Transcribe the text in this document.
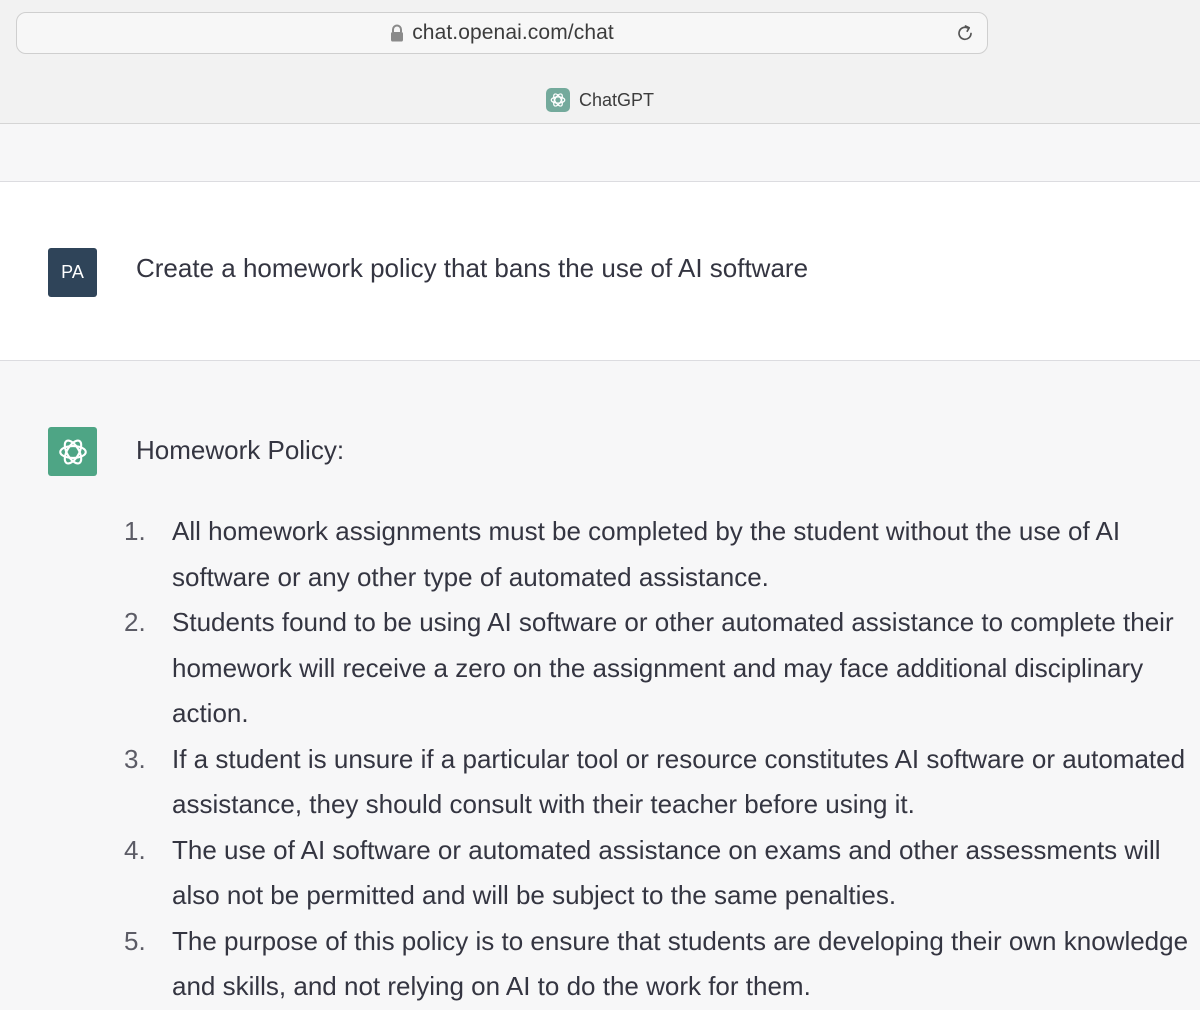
chat.openai.com/chat
ChatGPT
PA Create a homework policy that bans the use of AI software
Homework Policy:
1.	All homework assignments must be completed by the student without the use of AI software or any other type of automated assistance.
2.	Students found to be using AI software or other automated assistance to complete their homework will receive a zero on the assignment and may face additional disciplinary action.
3.	If a student is unsure if a particular tool or resource constitutes AI software or automated assistance, they should consult with their teacher before using it.
4.	The use of AI software or automated assistance on exams and other assessments will also not be permitted and will be subject to the same penalties.
5.	The purpose of this policy is to ensure that students are developing their own knowledge and skills, and not relying on AI to do the work for them.
